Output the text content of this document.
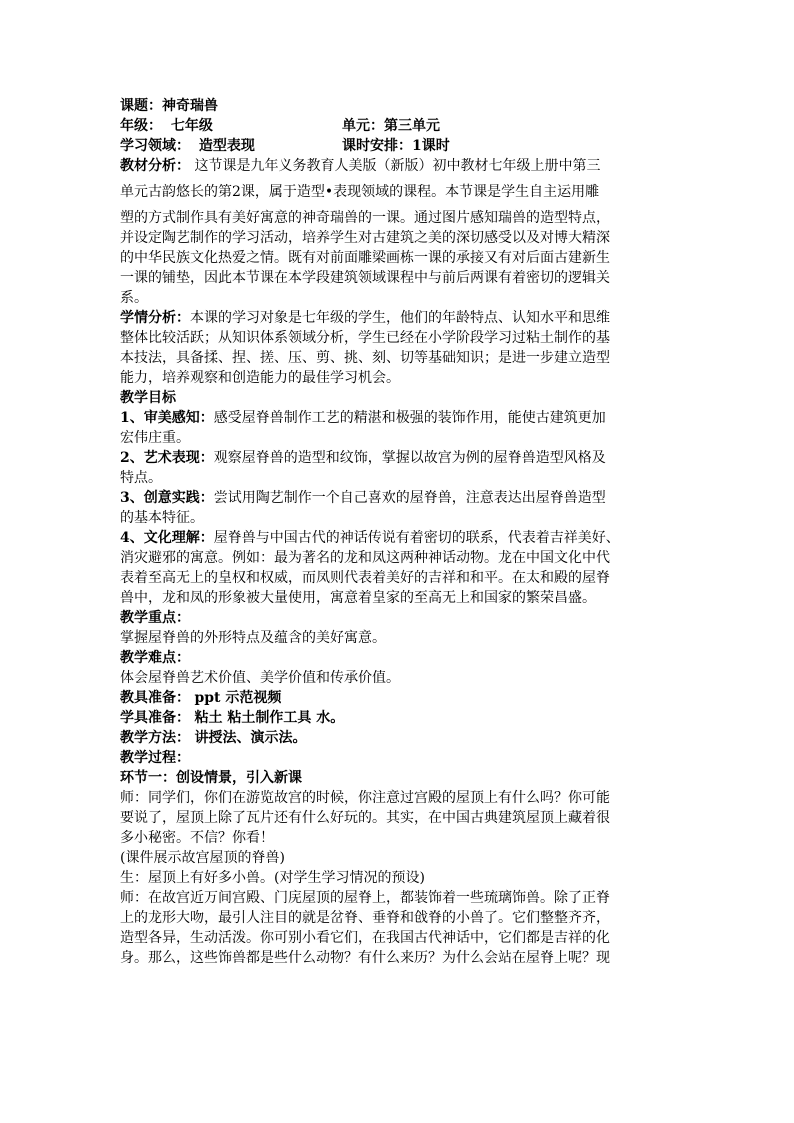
课题：神奇瑞兽
年级： 七年级	单元：第三单元
学习领域： 造型表现	课时安排：1课时
教材分析： 这节课是九年义务教育人美版（新版）初中教材七年级上册中第三
单元古韵悠长的第2课，属于造型•表现领域的课程。本节课是学生自主运用雕
塑的方式制作具有美好寓意的神奇瑞兽的一课。通过图片感知瑞兽的造型特点，
并设定陶艺制作的学习活动，培养学生对古建筑之美的深切感受以及对博大精深
的中华民族文化热爱之情。既有对前面雕梁画栋一课的承接又有对后面古建新生
一课的铺垫，因此本节课在本学段建筑领域课程中与前后两课有着密切的逻辑关
系。
学情分析：本课的学习对象是七年级的学生，他们的年龄特点、认知水平和思维
整体比较活跃；从知识体系领域分析，学生已经在小学阶段学习过粘土制作的基
本技法，具备揉、捏、搓、压、剪、挑、刻、切等基础知识；是进一步建立造型
能力，培养观察和创造能力的最佳学习机会。
教学目标
1、审美感知：感受屋脊兽制作工艺的精湛和极强的装饰作用，能使古建筑更加
宏伟庄重。
2、艺术表现：观察屋脊兽的造型和纹饰，掌握以故宫为例的屋脊兽造型风格及
特点。
3、创意实践：尝试用陶艺制作一个自己喜欢的屋脊兽，注意表达出屋脊兽造型
的基本特征。
4、文化理解：屋脊兽与中国古代的神话传说有着密切的联系，代表着吉祥美好、
消灾避邪的寓意。例如：最为著名的龙和凤这两种神话动物。龙在中国文化中代
表着至高无上的皇权和权威，而凤则代表着美好的吉祥和和平。在太和殿的屋脊
兽中，龙和凤的形象被大量使用，寓意着皇家的至高无上和国家的繁荣昌盛。
教学重点：
掌握屋脊兽的外形特点及蕴含的美好寓意。
教学难点：
体会屋脊兽艺术价值、美学价值和传承价值。
教具准备： ppt 示范视频
学具准备： 粘土 粘土制作工具 水。
教学方法： 讲授法、演示法。
教学过程：
环节一：创设情景，引入新课
师：同学们，你们在游览故宫的时候，你注意过宫殿的屋顶上有什么吗？你可能
要说了，屋顶上除了瓦片还有什么好玩的。其实，在中国古典建筑屋顶上藏着很
多小秘密。不信？你看！
(课件展示故宫屋顶的脊兽)
生：屋顶上有好多小兽。(对学生学习情况的预设)
师：在故宫近万间宫殿、门庑屋顶的屋脊上，都装饰着一些琉璃饰兽。除了正脊
上的龙形大吻，最引人注目的就是岔脊、垂脊和戗脊的小兽了。它们整整齐齐，
造型各异，生动活泼。你可别小看它们，在我国古代神话中，它们都是吉祥的化
身。那么，这些饰兽都是些什么动物？有什么来历？为什么会站在屋脊上呢？现
